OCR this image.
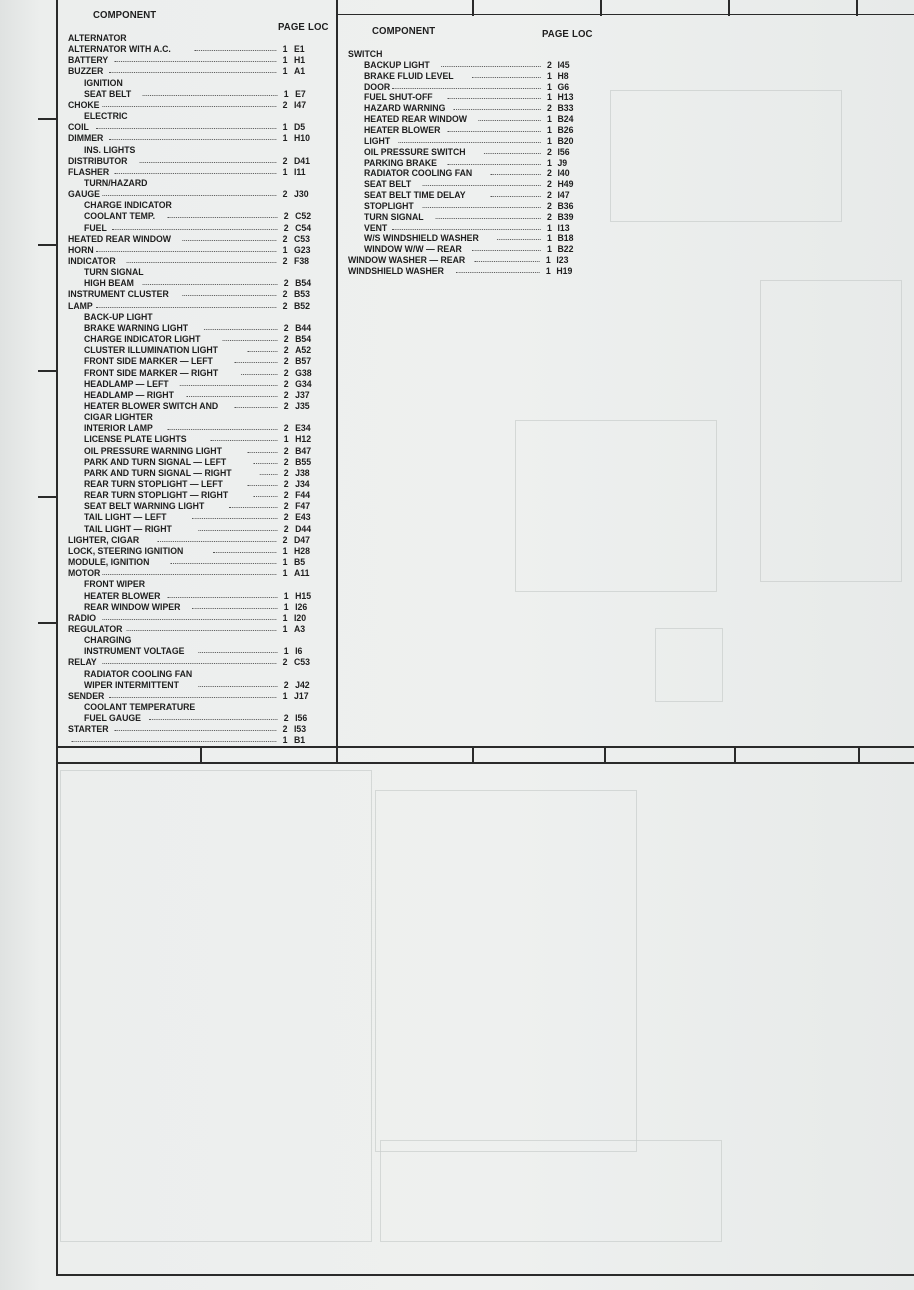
COMPONENT
PAGE LOC
ALTERNATOR
ALTERNATOR WITH A.C.	1 E1
BATTERY	1 H1
BUZZER	1 A1
IGNITION
SEAT BELT	1 E7
CHOKE	2 I47
ELECTRIC
COIL	1 D5
DIMMER	1 H10
INS. LIGHTS
DISTRIBUTOR	2 D41
FLASHER	1 I11
TURN/HAZARD
GAUGE	2 J30
CHARGE INDICATOR
COOLANT TEMP.	2 C52
FUEL	2 C54
HEATED REAR WINDOW	2 C53
HORN	1 G23
INDICATOR	2 F38
TURN SIGNAL
HIGH BEAM	2 B54
INSTRUMENT CLUSTER	2 B53
LAMP	2 B52
BACK-UP LIGHT
BRAKE WARNING LIGHT	2 B44
CHARGE INDICATOR LIGHT	2 B54
CLUSTER ILLUMINATION LIGHT	2 A52
FRONT SIDE MARKER — LEFT	2 B57
FRONT SIDE MARKER — RIGHT	2 G38
HEADLAMP — LEFT	2 G34
HEADLAMP — RIGHT	2 J37
HEATER BLOWER SWITCH AND	2 J35
CIGAR LIGHTER
INTERIOR LAMP	2 E34
LICENSE PLATE LIGHTS	1 H12
OIL PRESSURE WARNING LIGHT	2 B47
PARK AND TURN SIGNAL — LEFT	2 B55
PARK AND TURN SIGNAL — RIGHT	2 J38
REAR TURN STOPLIGHT — LEFT	2 J34
REAR TURN STOPLIGHT — RIGHT	2 F44
SEAT BELT WARNING LIGHT	2 F47
TAIL LIGHT — LEFT	2 E43
TAIL LIGHT — RIGHT	2 D44
LIGHTER, CIGAR	2 D47
LOCK, STEERING IGNITION	1 H28
MODULE, IGNITION	1 B5
MOTOR	1 A11
FRONT WIPER
HEATER BLOWER	1 H15
REAR WINDOW WIPER	1 I26
RADIO	1 I20
REGULATOR	1 A3
CHARGING
INSTRUMENT VOLTAGE	1 I6
RELAY	2 C53
RADIATOR COOLING FAN
WIPER INTERMITTENT	2 J42
SENDER	1 J17
COOLANT TEMPERATURE
FUEL GAUGE	2 I56
STARTER	2 I53
1 B1
COMPONENT	PAGE LOC
SWITCH
BACKUP LIGHT	2 I45
BRAKE FLUID LEVEL	1 H8
DOOR	1 G6
FUEL SHUT-OFF	1 H13
HAZARD WARNING	2 B33
HEATED REAR WINDOW	1 B24
HEATER BLOWER	1 B26
LIGHT	1 B20
OIL PRESSURE SWITCH	2 I56
PARKING BRAKE	1 J9
RADIATOR COOLING FAN	2 I40
SEAT BELT	2 H49
SEAT BELT TIME DELAY	2 I47
STOPLIGHT	2 B36
TURN SIGNAL	2 B39
VENT	1 I13
W/S WINDSHIELD WASHER	1 B18
WINDOW W/W — REAR	1 B22
WINDOW WASHER — REAR	1 I23
WINDSHIELD WASHER	1 H19
